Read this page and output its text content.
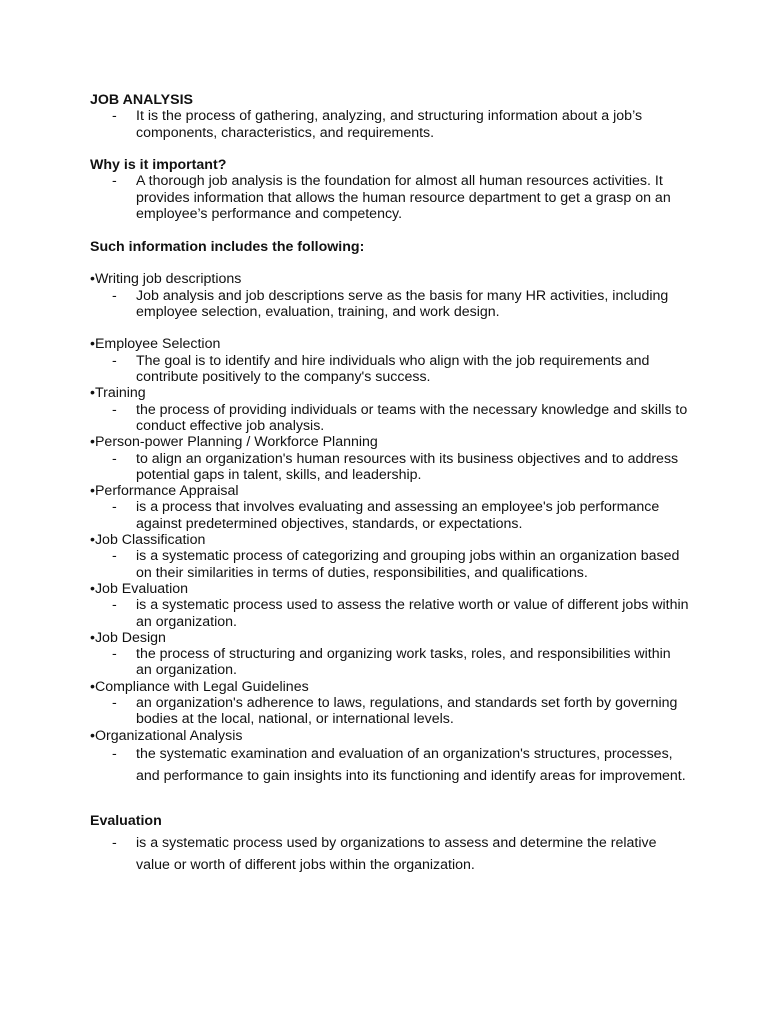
JOB ANALYSIS

- It is the process of gathering, analyzing, and structuring information about a job’s components, characteristics, and requirements.

Why is it important?

- A thorough job analysis is the foundation for almost all human resources activities. It provides information that allows the human resource department to get a grasp on an employee’s performance and competency.

Such information includes the following:

•Writing job descriptions

- Job analysis and job descriptions serve as the basis for many HR activities, including employee selection, evaluation, training, and work design.

•Employee Selection

- The goal is to identify and hire individuals who align with the job requirements and contribute positively to the company's success.

•Training

- the process of providing individuals or teams with the necessary knowledge and skills to conduct effective job analysis.

•Person-power Planning / Workforce Planning

- to align an organization's human resources with its business objectives and to address potential gaps in talent, skills, and leadership.

•Performance Appraisal

- is a process that involves evaluating and assessing an employee's job performance against predetermined objectives, standards, or expectations.

•Job Classification

- is a systematic process of categorizing and grouping jobs within an organization based on their similarities in terms of duties, responsibilities, and qualifications.

•Job Evaluation

- is a systematic process used to assess the relative worth or value of different jobs within an organization.

•Job Design

- the process of structuring and organizing work tasks, roles, and responsibilities within an organization.

•Compliance with Legal Guidelines

- an organization's adherence to laws, regulations, and standards set forth by governing bodies at the local, national, or international levels.

•Organizational Analysis

- the systematic examination and evaluation of an organization's structures, processes, and performance to gain insights into its functioning and identify areas for improvement.

Evaluation

- is a systematic process used by organizations to assess and determine the relative value or worth of different jobs within the organization.
